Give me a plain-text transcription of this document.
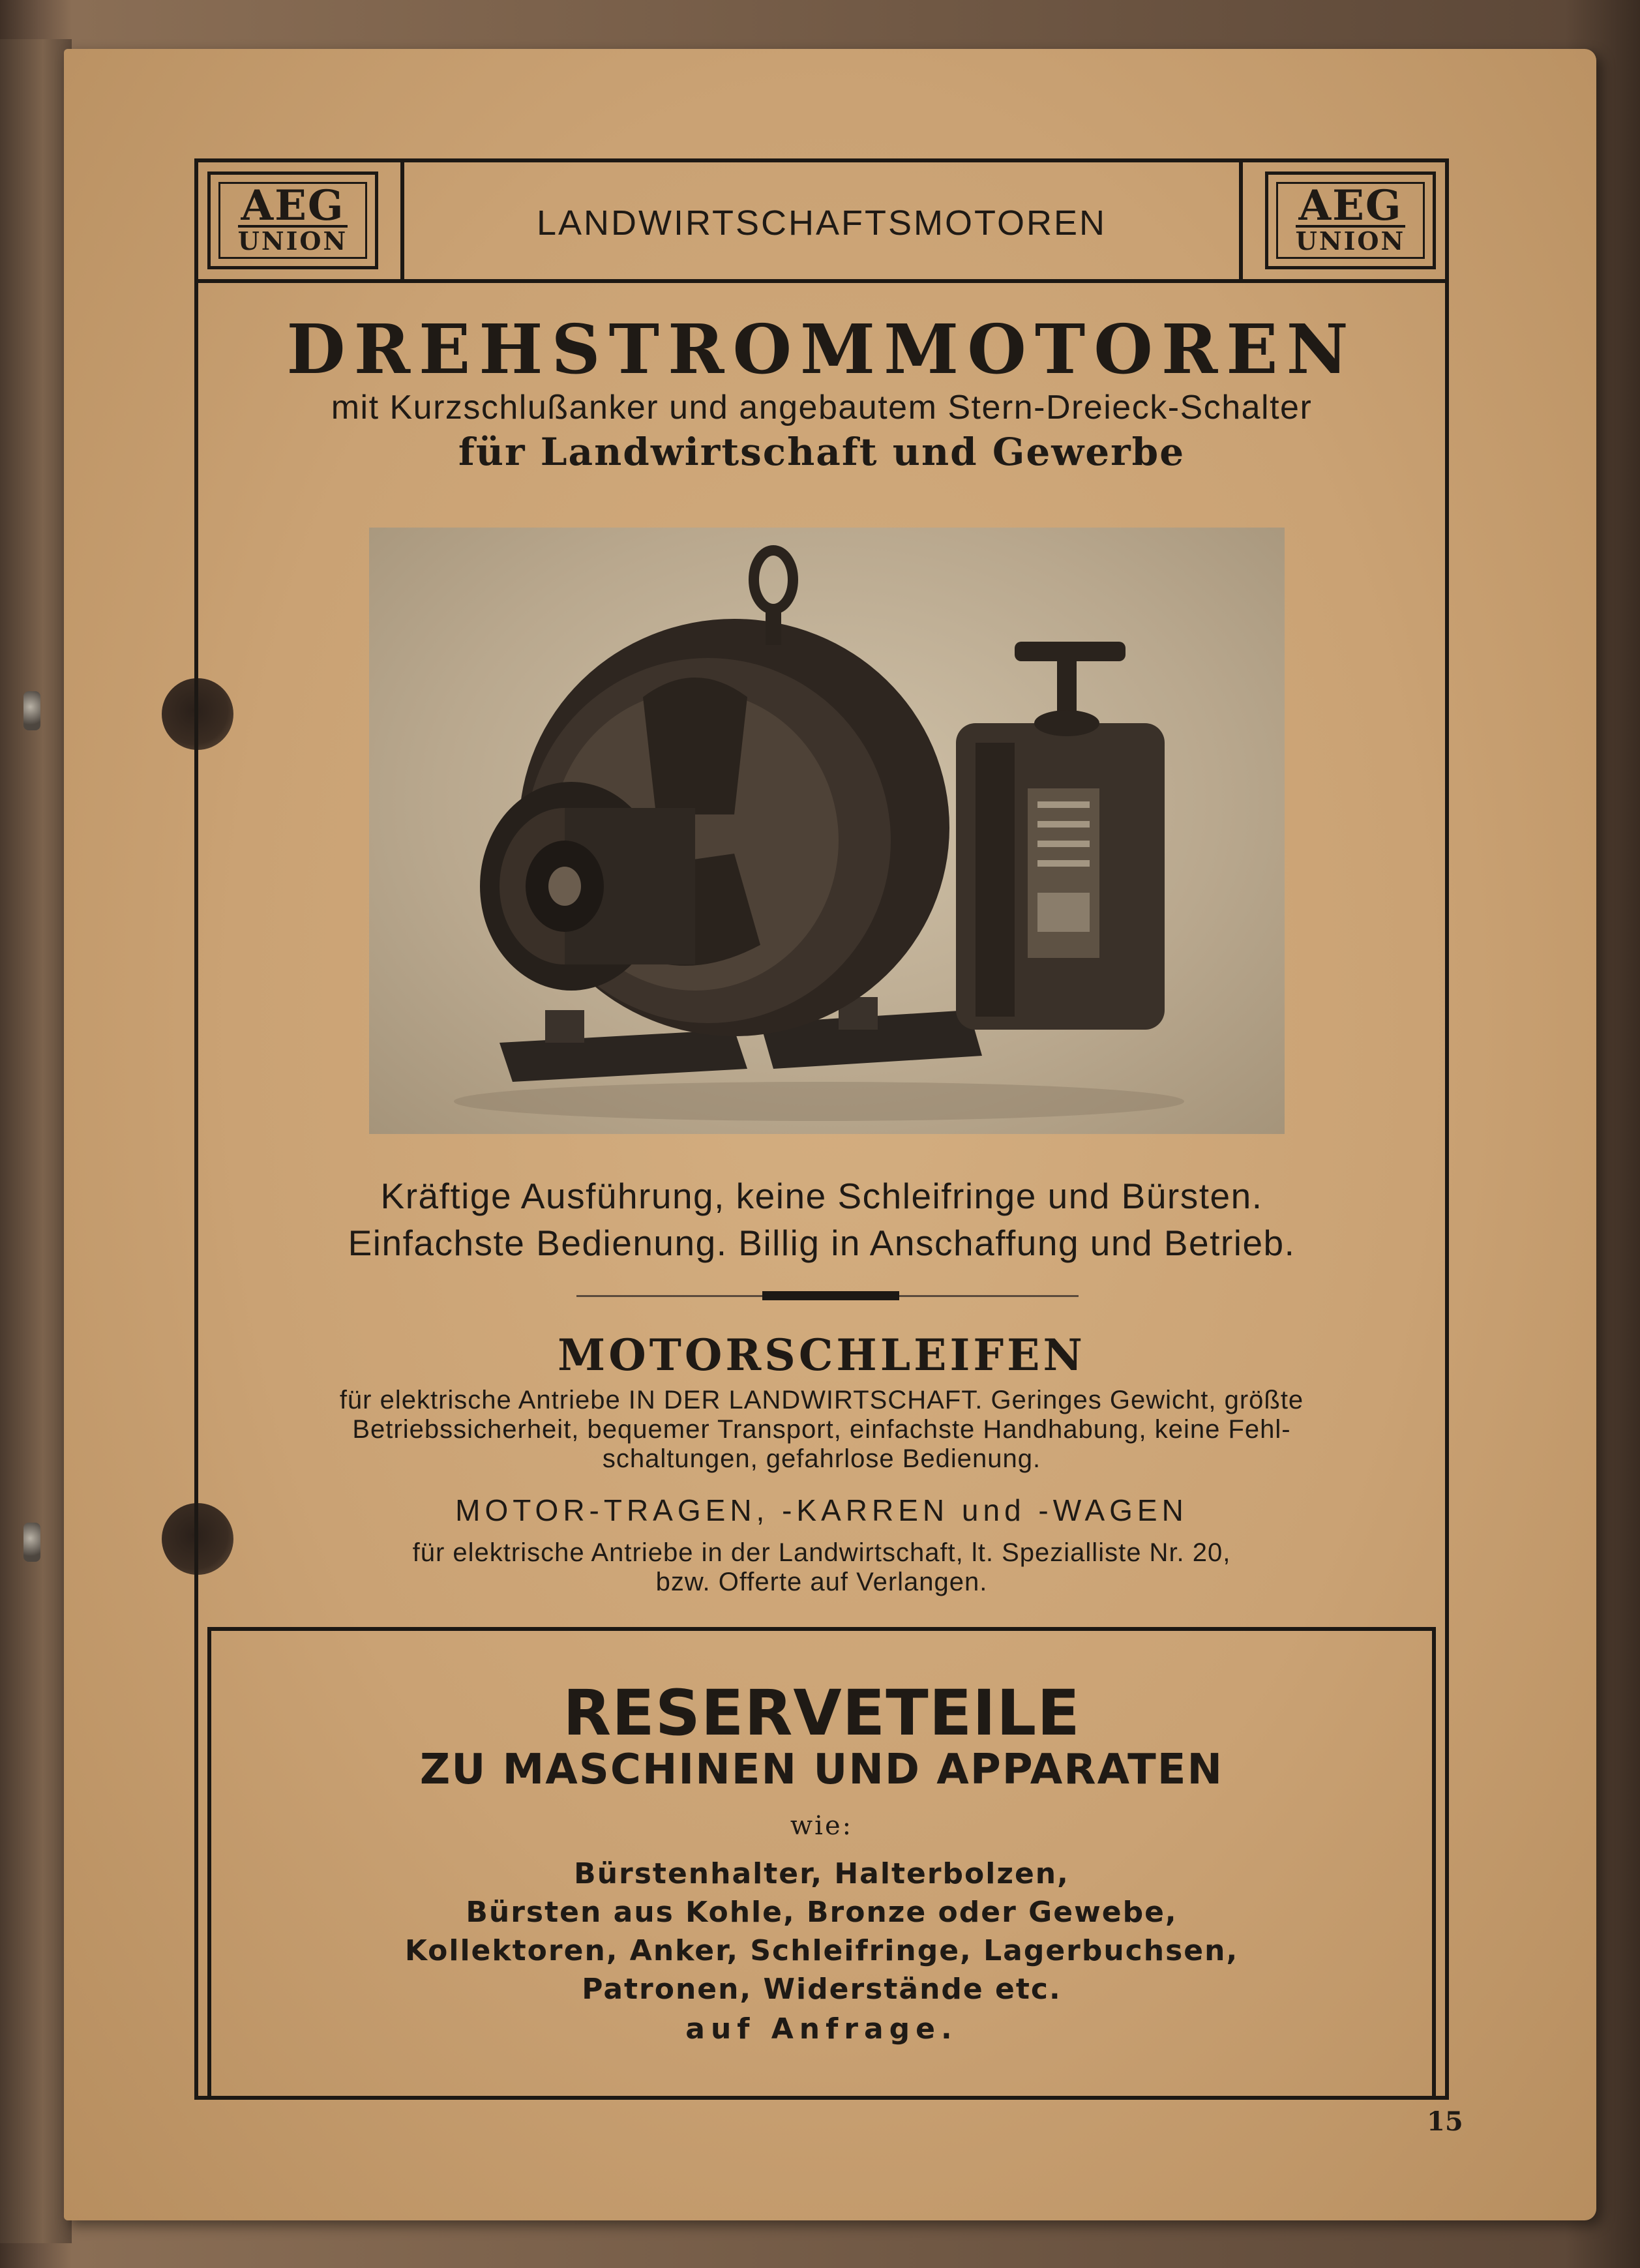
AEG
UNION	LANDWIRTSCHAFTSMOTOREN	AEG
UNION
DREHSTROMMOTOREN
mit Kurzschlußanker und angebautem Stern-Dreieck-Schalter
für Landwirtschaft und Gewerbe
Kräftige Ausführung, keine Schleifringe und Bürsten.
Einfachste Bedienung. Billig in Anschaffung und Betrieb.
MOTORSCHLEIFEN
für elektrische Antriebe IN DER LANDWIRTSCHAFT. Geringes Gewicht, größte
Betriebssicherheit, bequemer Transport, einfachste Handhabung, keine Fehl-
schaltungen, gefahrlose Bedienung.
MOTOR-TRAGEN, -KARREN und -WAGEN
für elektrische Antriebe in der Landwirtschaft, lt. Spezialliste Nr. 20,
bzw. Offerte auf Verlangen.
RESERVETEILE
ZU MASCHINEN UND APPARATEN
wie:
Bürstenhalter, Halterbolzen,
Bürsten aus Kohle, Bronze oder Gewebe,
Kollektoren, Anker, Schleifringe, Lagerbuchsen,
Patronen, Widerstände etc.
auf Anfrage.
15
